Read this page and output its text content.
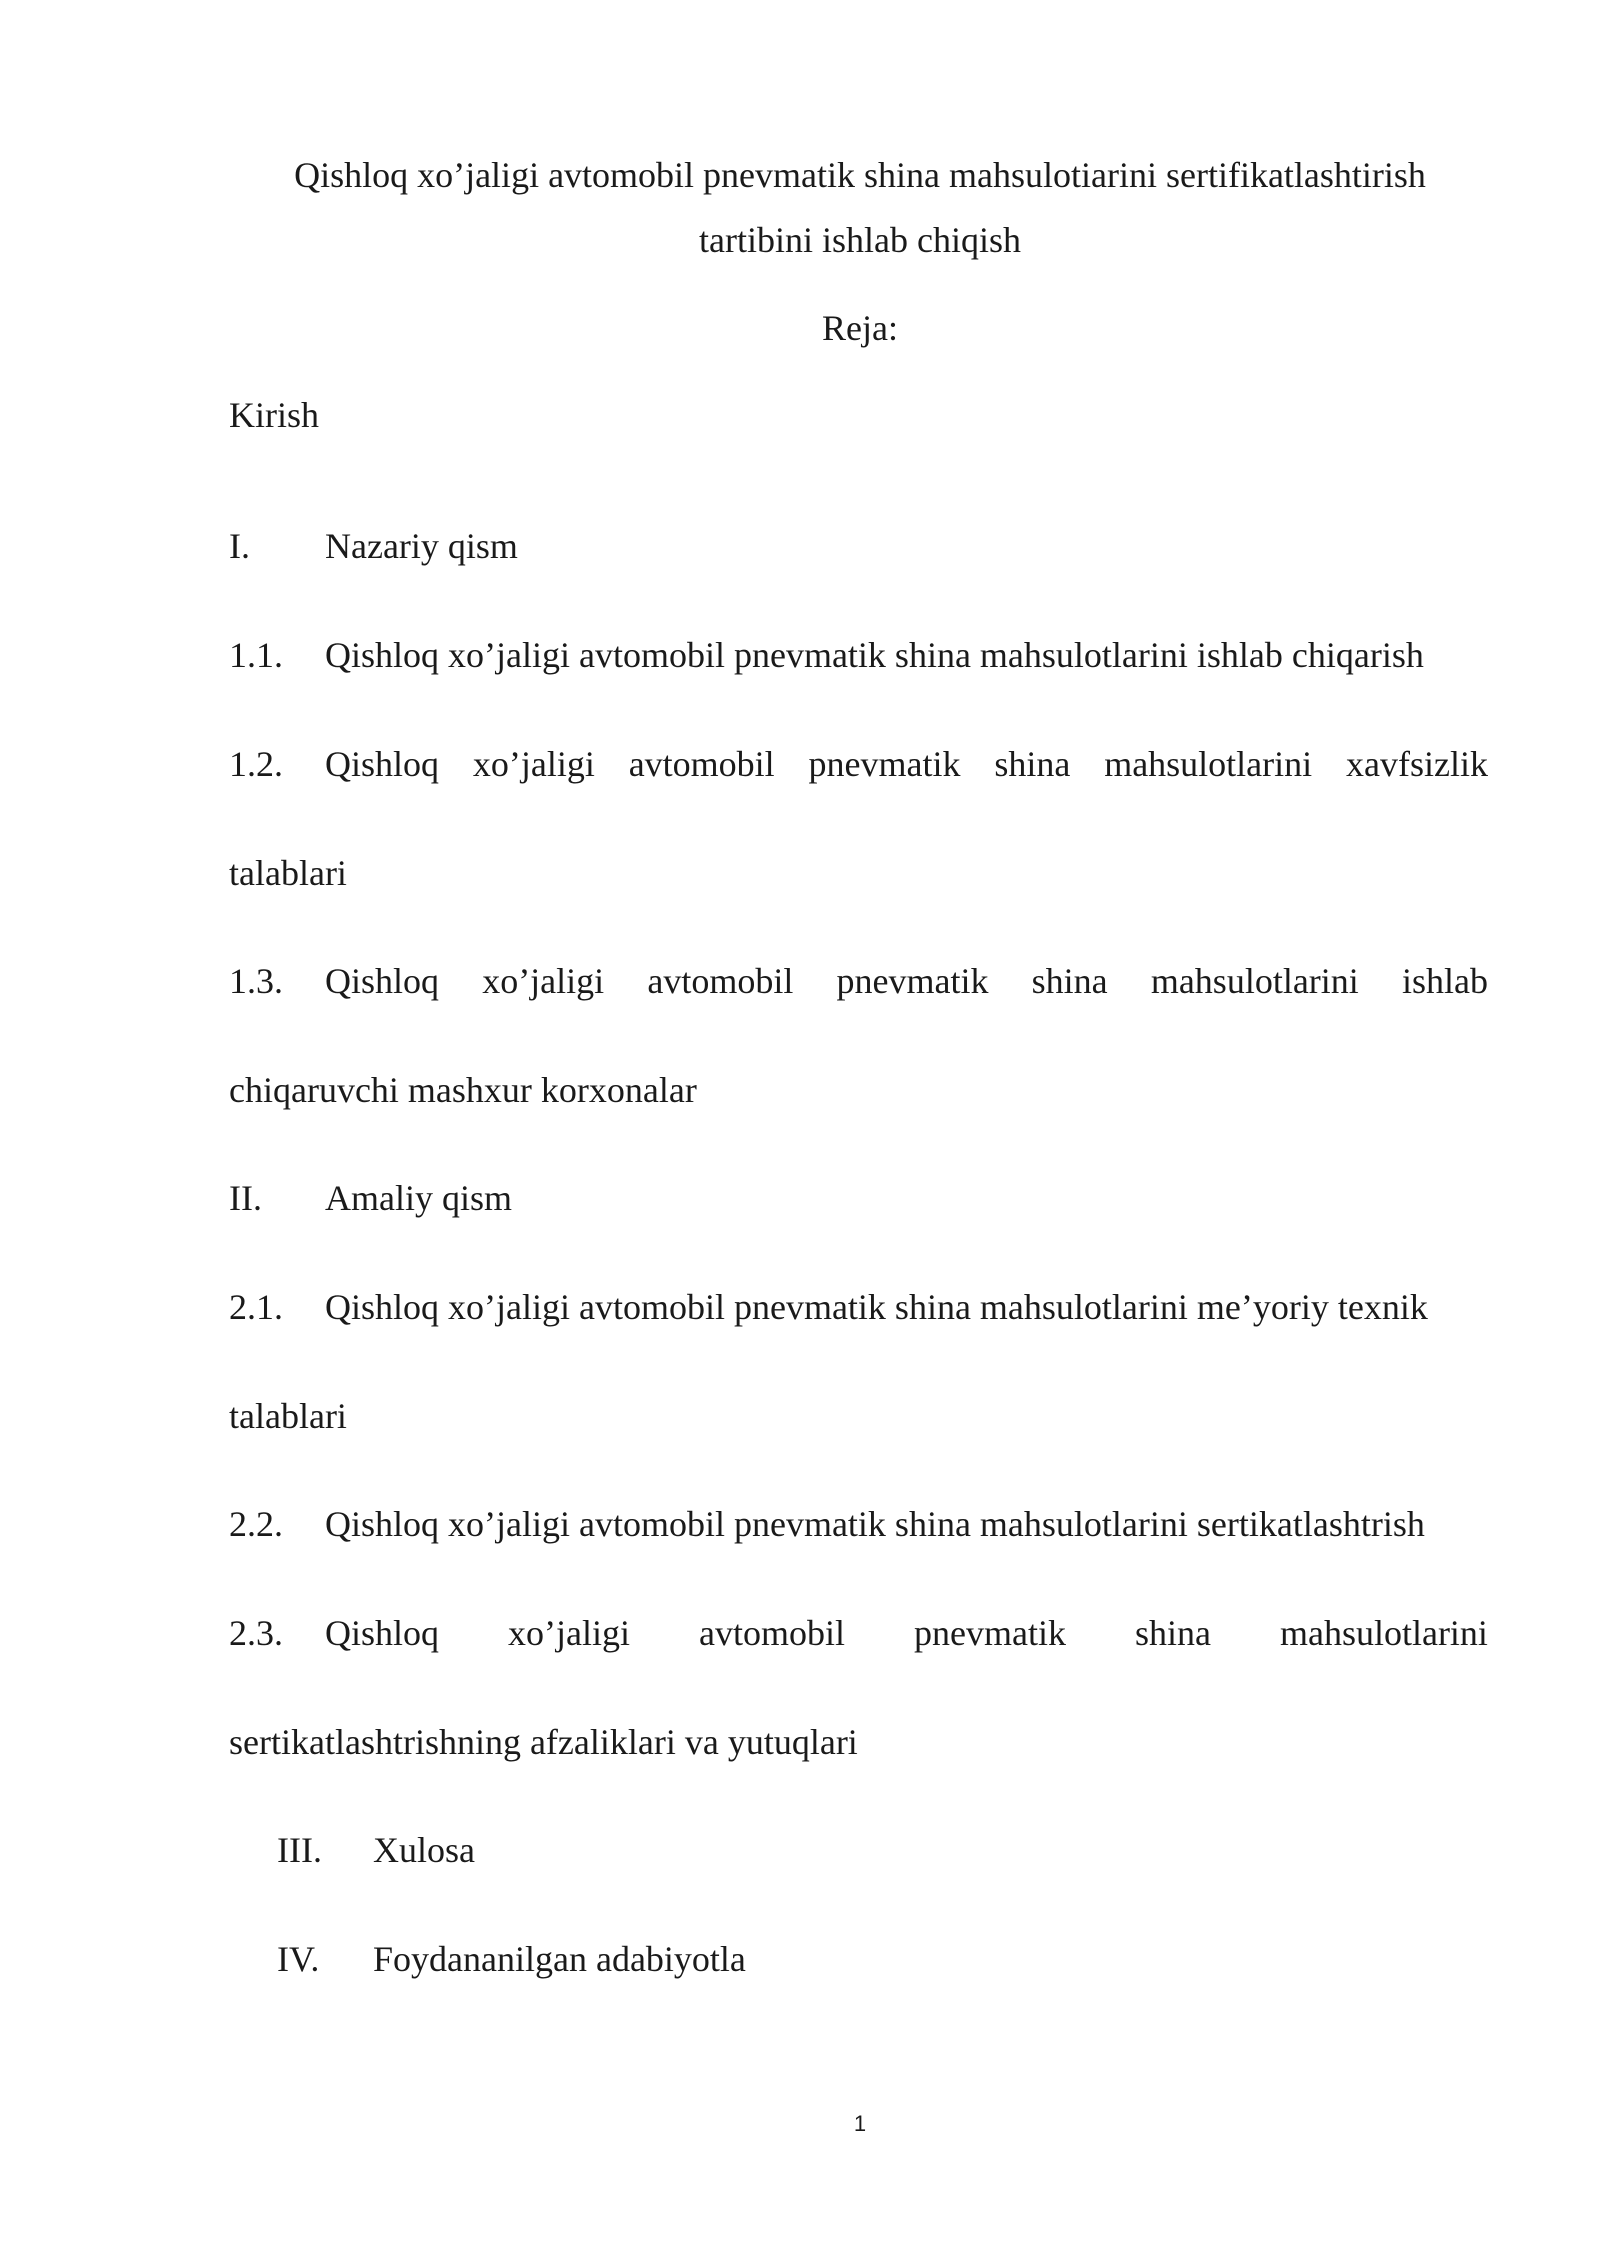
Qishloq xo’jaligi avtomobil pnevmatik shina mahsulotiarini sertifikatlashtirish
tartibini ishlab chiqish
Reja:
Kirish
I. Nazariy qism
1.1. Qishloq xo’jaligi avtomobil pnevmatik shina mahsulotlarini ishlab chiqarish
1.2.	Qishloq xo’jaligi avtomobil pnevmatik shina mahsulotlarini xavfsizlik
talablari
1.3.	Qishloq xo’jaligi avtomobil pnevmatik shina mahsulotlarini ishlab
chiqaruvchi mashxur korxonalar
II. Amaliy qism
2.1. Qishloq xo’jaligi avtomobil pnevmatik shina mahsulotlarini me’yoriy texnik
talablari
2.2. Qishloq xo’jaligi avtomobil pnevmatik shina mahsulotlarini sertikatlashtrish
2.3.	Qishloq xo’jaligi avtomobil pnevmatik shina mahsulotlarini
sertikatlashtrishning afzaliklari va yutuqlari
III. Xulosa
IV. Foydananilgan adabiyotla
1
